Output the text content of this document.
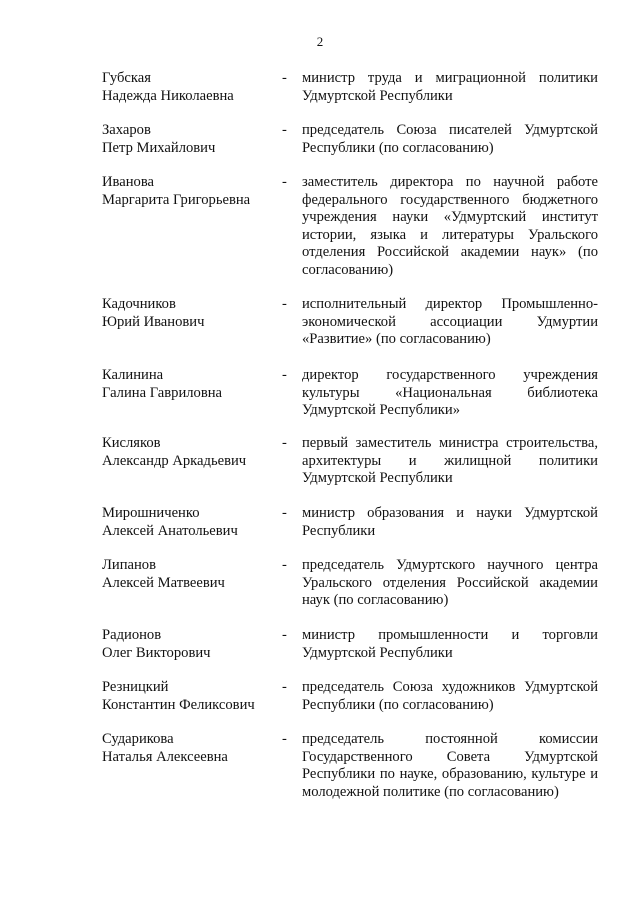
2
Губская
Надежда Николаевна
- министр труда и миграционной политики Удмуртской Республики
Захаров
Петр Михайлович
- председатель Союза писателей Удмуртской Республики (по согласованию)
Иванова
Маргарита Григорьевна
- заместитель директора по научной работе федерального государственного бюджетного учреждения науки «Удмуртский институт истории, языка и литературы Уральского отделения Российской академии наук» (по согласованию)
Кадочников
Юрий Иванович
- исполнительный директор Промышленно-экономической ассоциации Удмуртии «Развитие» (по согласованию)
Калинина
Галина Гавриловна
- директор государственного учреждения культуры «Национальная библиотека Удмуртской Республики»
Кисляков
Александр Аркадьевич
- первый заместитель министра строительства, архитектуры и жилищной политики Удмуртской Республики
Мирошниченко
Алексей Анатольевич
- министр образования и науки Удмуртской Республики
Липанов
Алексей Матвеевич
- председатель Удмуртского научного центра Уральского отделения Российской академии наук (по согласованию)
Радионов
Олег Викторович
- министр промышленности и торговли Удмуртской Республики
Резницкий
Константин Феликсович
- председатель Союза художников Удмуртской Республики (по согласованию)
Сударикова
Наталья Алексеевна
- председатель постоянной комиссии Государственного Совета Удмуртской Республики по науке, образованию, культуре и молодежной политике (по согласованию)
